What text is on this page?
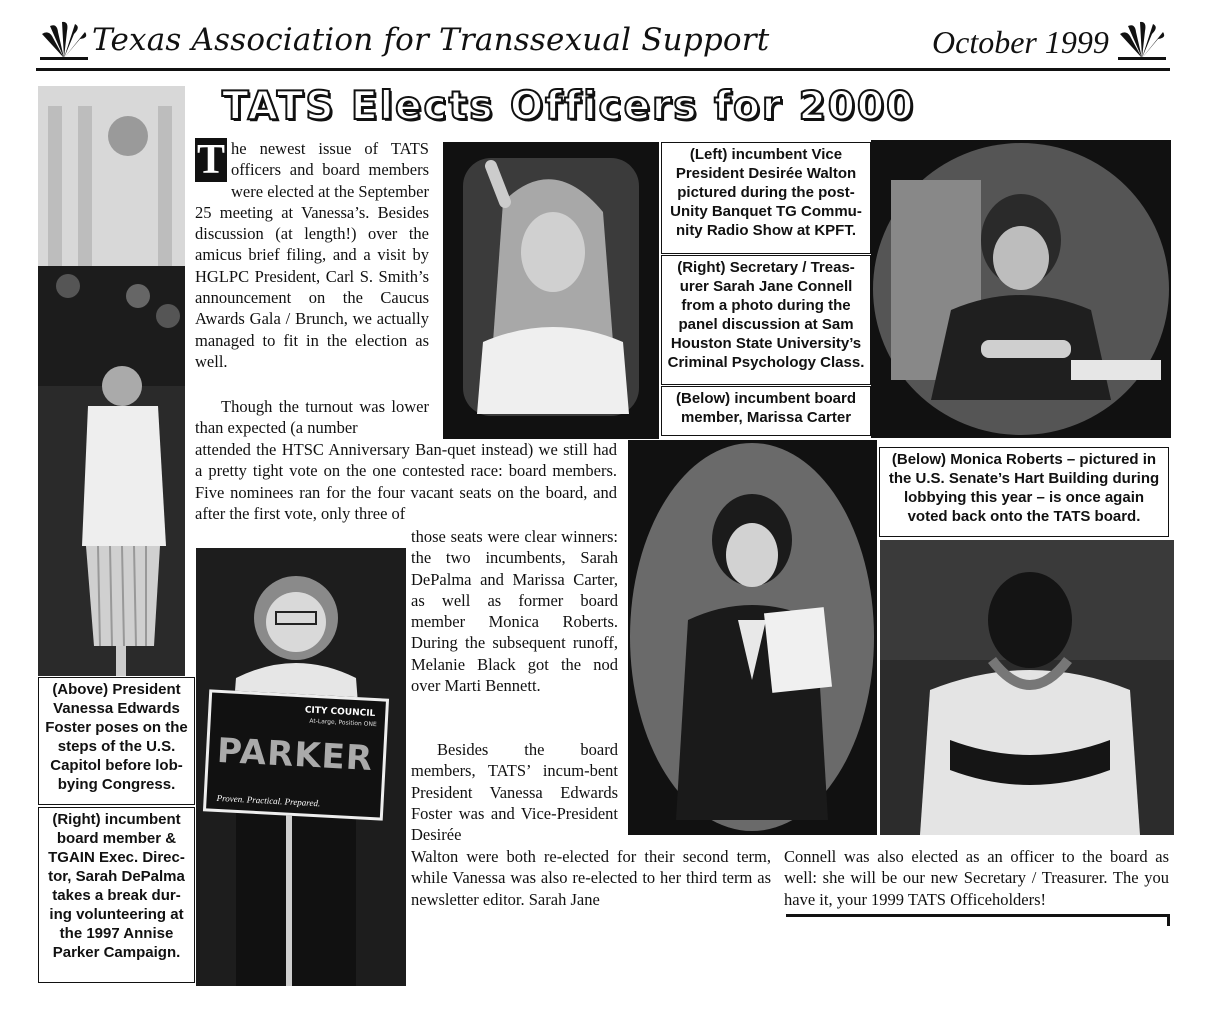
Texas Association for Transsexual Support	October 1999
TATS Elects Officers for 2000
(Above) President Vanessa Edwards Foster poses on the steps of the U.S. Capitol before lob-bying Congress.
(Right) incumbent board member & TGAIN Exec. Direc-tor, Sarah DePalma takes a break dur-ing volunteering at the 1997 Annise Parker Campaign.
CITY COUNCIL
At-Large, Position ONE
PARKER
Proven. Practical. Prepared.
T he newest issue of TATS officers and board members were elected at the September 25 meeting at Vanessa’s. Besides discussion (at length!) over the amicus brief filing, and a visit by HGLPC President, Carl S. Smith’s announcement on the Caucus Awards Gala / Brunch, we actually managed to fit in the election as well.
Though the turnout was lower than expected (a number
attended the HTSC Anniversary Ban-quet instead) we still had a pretty tight vote on the one contested race: board members. Five nominees ran for the four vacant seats on the board, and after the first vote, only three of
those seats were clear winners: the two incumbents, Sarah DePalma and Marissa Carter, as well as former board member Monica Roberts. During the subsequent runoff, Melanie Black got the nod over Marti Bennett.
Besides the board members, TATS’ incum-bent President Vanessa Edwards Foster was and Vice-President Desirée
Walton were both re-elected for their second term, while Vanessa was also re-elected to her third term as newsletter editor. Sarah Jane
Connell was also elected as an officer to the board as well: she will be our new Secretary / Treasurer. The you have it, your 1999 TATS Officeholders!
(Left) incumbent Vice President Desirée Walton pictured during the post-Unity Banquet TG Commu-nity Radio Show at KPFT.
(Right) Secretary / Treas-urer Sarah Jane Connell from a photo during the panel discussion at Sam Houston State University’s Criminal Psychology Class.
(Below) incumbent board member, Marissa Carter
(Below) Monica Roberts – pictured in the U.S. Senate’s Hart Building during lobbying this year – is once again voted back onto the TATS board.
